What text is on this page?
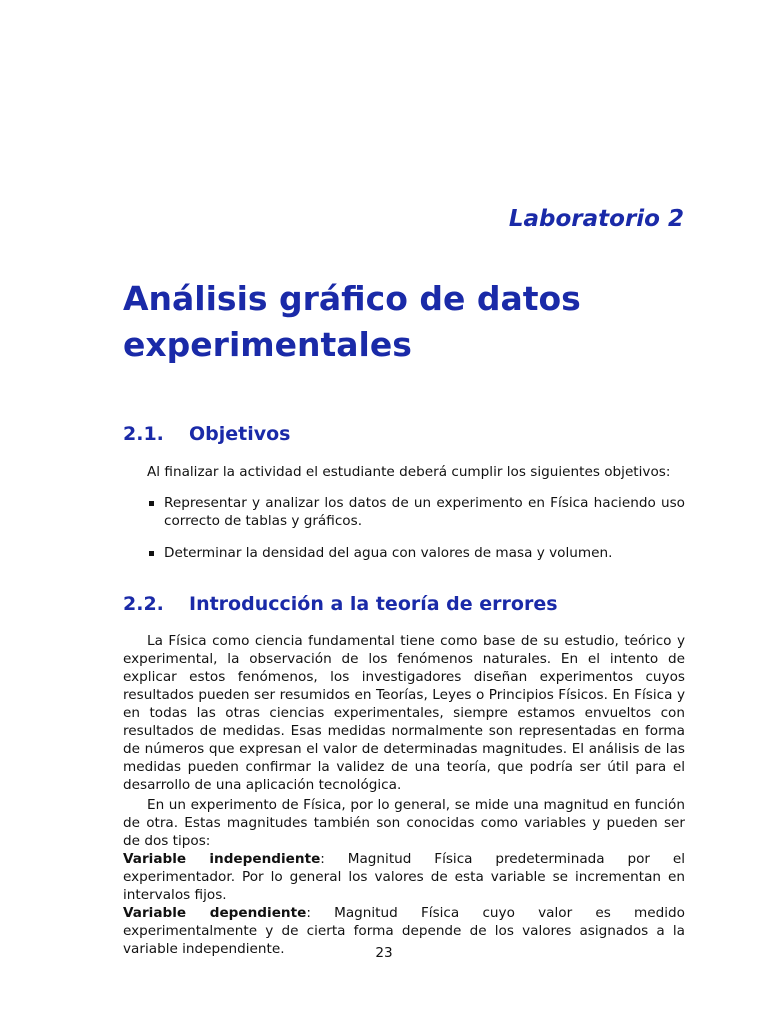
Laboratorio 2
Análisis gráfico de datos experimentales
2.1. Objetivos

Al finalizar la actividad el estudiante deberá cumplir los siguientes objetivos:

Representar y analizar los datos de un experimento en Física haciendo uso correcto de tablas y gráficos.
Determinar la densidad del agua con valores de masa y volumen.
2.2. Introducción a la teoría de errores

La Física como ciencia fundamental tiene como base de su estudio, teórico y experimental, la observación de los fenómenos naturales. En el intento de explicar estos fenómenos, los investigadores diseñan experimentos cuyos resultados pueden ser resumidos en Teorías, Leyes o Principios Físicos. En Física y en todas las otras ciencias experimentales, siempre estamos envueltos con resultados de medidas. Esas medidas normalmente son representadas en forma de números que expresan el valor de determinadas magnitudes. El análisis de las medidas pueden confirmar la validez de una teoría, que podría ser útil para el desarrollo de una aplicación tecnológica.

En un experimento de Física, por lo general, se mide una magnitud en función de otra. Estas magnitudes también son conocidas como variables y pueden ser de dos tipos:
Variable independiente: Magnitud Física predeterminada por el experimentador. Por lo general los valores de esta variable se incrementan en intervalos fijos.
Variable dependiente: Magnitud Física cuyo valor es medido experimentalmente y de cierta forma depende de los valores asignados a la variable independiente.	23
